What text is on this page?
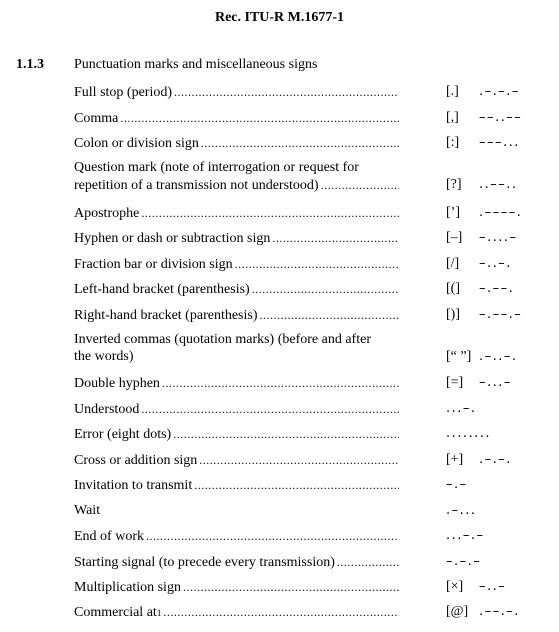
Rec. ITU-R M.1677-1
1.1.3 Punctuation marks and miscellaneous signs
Full stop (period) .....	[.] .–.–.–
Comma .....	[,] ––..––
Colon or division sign .....	[:] –––...
Question mark (note of interrogation or request for
repetition of a transmission not understood) .....	[?] ..––..
Apostrophe .....	[’] .––––.
Hyphen or dash or subtraction sign .....	[–] –....–
Fraction bar or division sign .....	[/] –..–.
Left-hand bracket (parenthesis) .....	[(] –.––.
Right-hand bracket (parenthesis) .....	[)] –.––.–
Inverted commas (quotation marks) (before and after
the words)	[“ ”] .–..–.
Double hyphen .....	[=] –...–
Understood .....	...–.
Error (eight dots) .....	........
Cross or addition sign .....	[+] .–.–.
Invitation to transmit .....	–.–
Wait	.–...
End of work .....	...–.–
Starting signal (to precede every transmission) .....	–.–.–
Multiplication sign .....	[×] –..–
Commercial at 1 .....	[@] .––.–.
